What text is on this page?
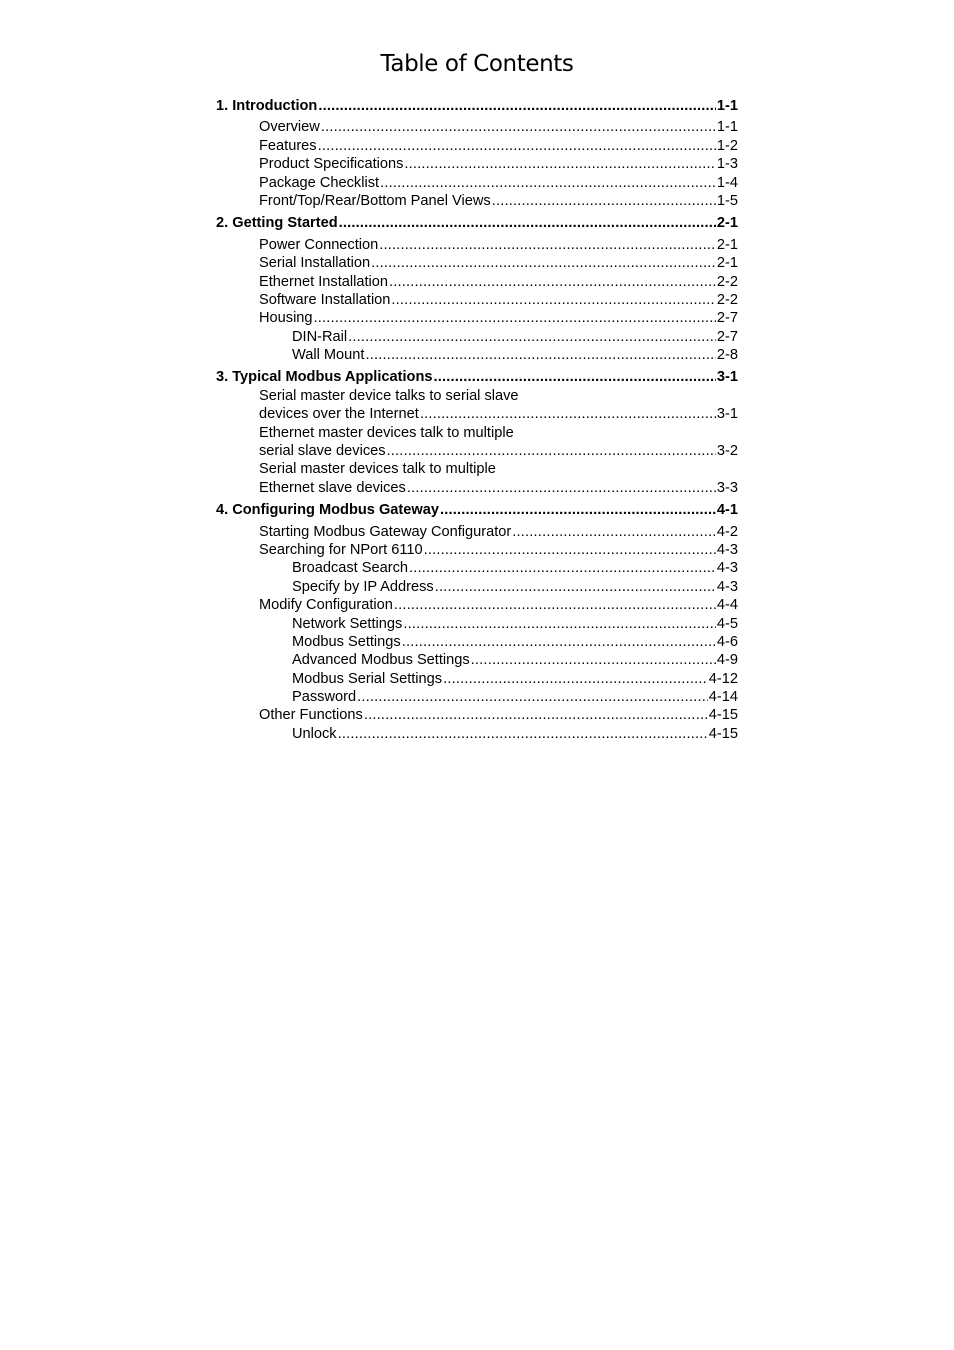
Table of Contents
1. Introduction .....	1-1
Overview .....	1-1
Features .....	1-2
Product Specifications .....	1-3
Package Checklist .....	1-4
Front/Top/Rear/Bottom Panel Views .....	1-5
2. Getting Started .....	2-1
Power Connection .....	2-1
Serial Installation .....	2-1
Ethernet Installation .....	2-2
Software Installation .....	2-2
Housing .....	2-7
DIN-Rail .....	2-7
Wall Mount .....	2-8
3. Typical Modbus Applications .....	3-1
Serial master device talks to serial slave
devices over the Internet .....	3-1
Ethernet master devices talk to multiple
serial slave devices .....	3-2
Serial master devices talk to multiple
Ethernet slave devices .....	3-3
4. Configuring Modbus Gateway .....	4-1
Starting Modbus Gateway Configurator .....	4-2
Searching for NPort 6110 .....	4-3
Broadcast Search .....	4-3
Specify by IP Address .....	4-3
Modify Configuration .....	4-4
Network Settings .....	4-5
Modbus Settings .....	4-6
Advanced Modbus Settings .....	4-9
Modbus Serial Settings .....	4-12
Password .....	4-14
Other Functions .....	4-15
Unlock .....	4-15
